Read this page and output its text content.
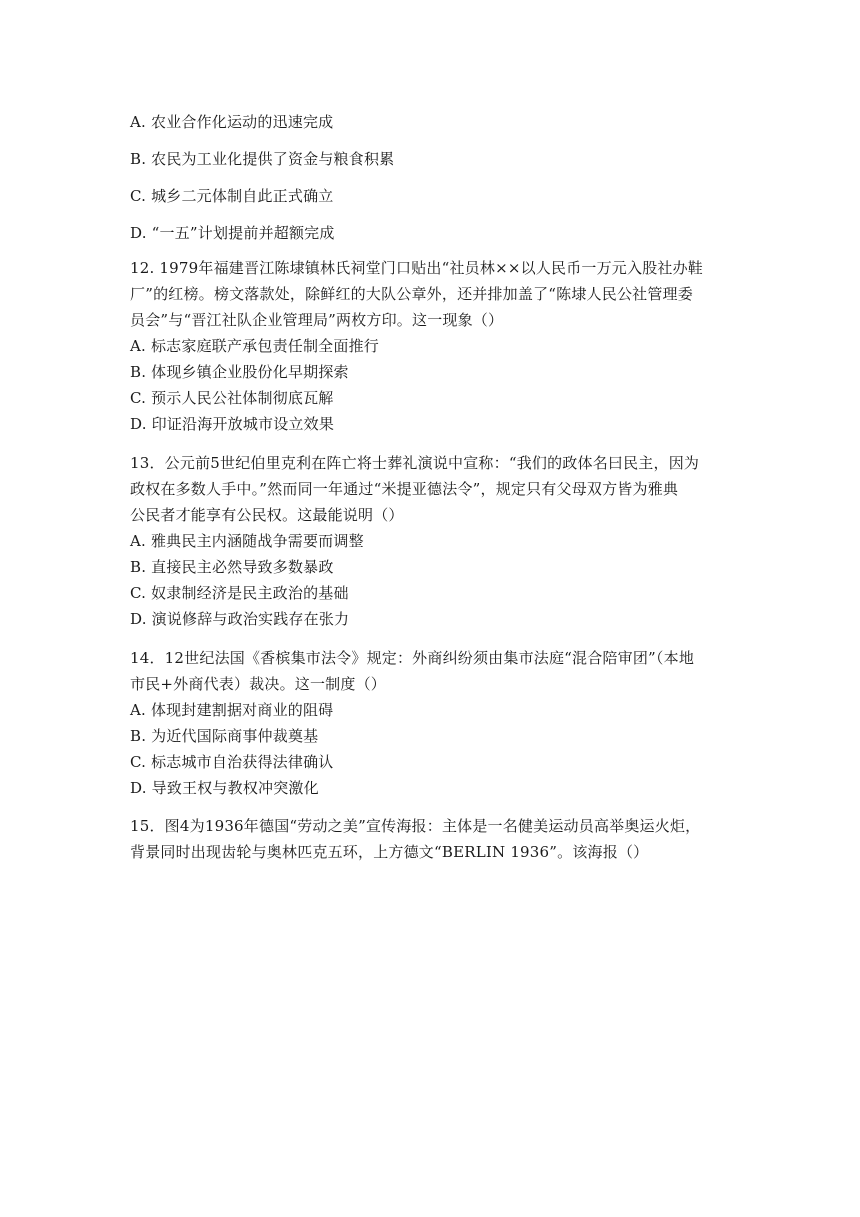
A. 农业合作化运动的迅速完成
B. 农民为工业化提供了资金与粮食积累
C. 城乡二元体制自此正式确立
D. “一五”计划提前并超额完成
12. 1979年福建晋江陈埭镇林氏祠堂门口贴出“社员林××以人民币一万元入股社办鞋
厂”的红榜。榜文落款处，除鲜红的大队公章外，还并排加盖了“陈埭人民公社管理委
员会”与“晋江社队企业管理局”两枚方印。这一现象（）
A. 标志家庭联产承包责任制全面推行
B. 体现乡镇企业股份化早期探索
C. 预示人民公社体制彻底瓦解
D. 印证沿海开放城市设立效果
13．公元前5世纪伯里克利在阵亡将士葬礼演说中宣称：“我们的政体名曰民主，因为
政权在多数人手中。”然而同一年通过“米提亚德法令”，规定只有父母双方皆为雅典
公民者才能享有公民权。这最能说明（）
A. 雅典民主内涵随战争需要而调整
B. 直接民主必然导致多数暴政
C. 奴隶制经济是民主政治的基础
D. 演说修辞与政治实践存在张力
14．12世纪法国《香槟集市法令》规定：外商纠纷须由集市法庭“混合陪审团”（本地
市民+外商代表）裁决。这一制度（）
A. 体现封建割据对商业的阻碍
B. 为近代国际商事仲裁奠基
C. 标志城市自治获得法律确认
D. 导致王权与教权冲突激化
15．图4为1936年德国“劳动之美”宣传海报：主体是一名健美运动员高举奥运火炬，
背景同时出现齿轮与奥林匹克五环，上方德文“BERLIN 1936”。该海报（）
